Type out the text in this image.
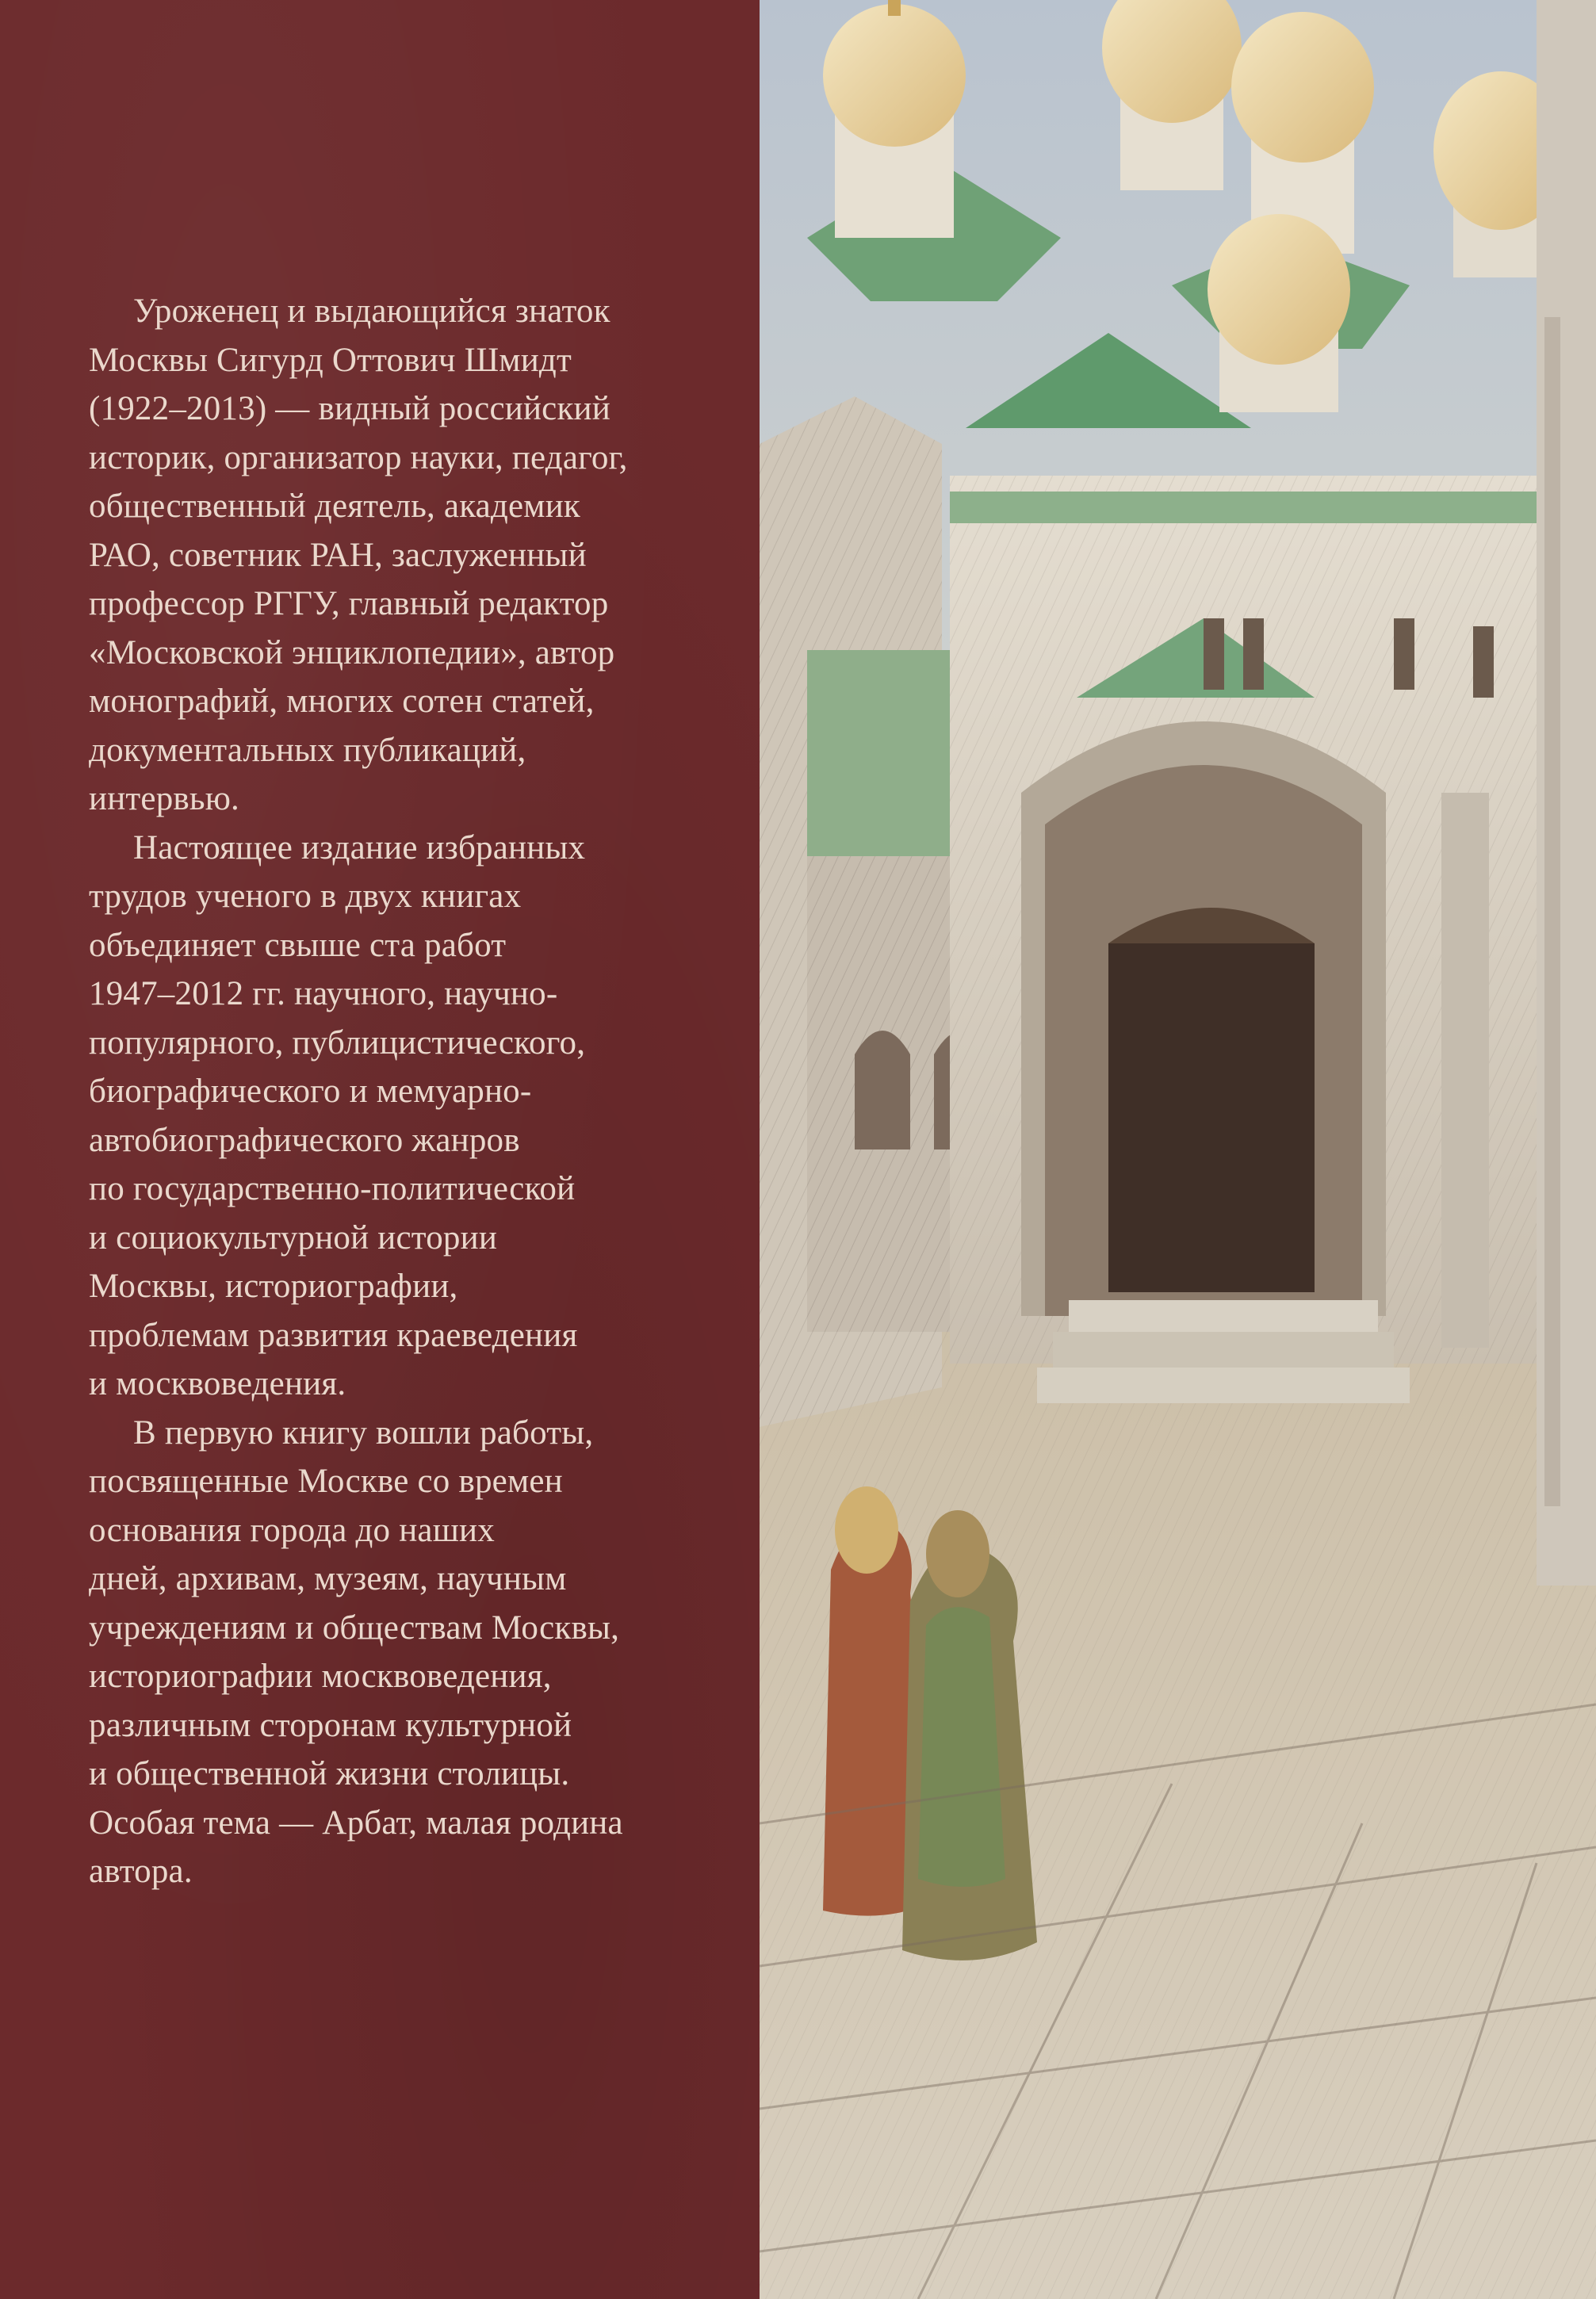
Уроженец и выдающийся знаток
Москвы Сигурд Оттович Шмидт
(1922–2013) — видный российский
историк, организатор науки, педагог,
общественный деятель, академик
РАО, советник РАН, заслуженный
профессор РГГУ, главный редактор
«Московской энциклопедии», автор
монографий, многих сотен статей,
документальных публикаций,
интервью.

Настоящее издание избранных
трудов ученого в двух книгах
объединяет свыше ста работ
1947–2012 гг. научного, научно-
популярного, публицистического,
биографического и мемуарно-
автобиографического жанров
по государственно-политической
и социокультурной истории
Москвы, историографии,
проблемам развития краеведения
и москвоведения.

В первую книгу вошли работы,
посвященные Москве со времен
основания города до наших
дней, архивам, музеям, научным
учреждениям и обществам Москвы,
историографии москвоведения,
различным сторонам культурной
и общественной жизни столицы.
Особая тема — Арбат, малая родина
автора.
